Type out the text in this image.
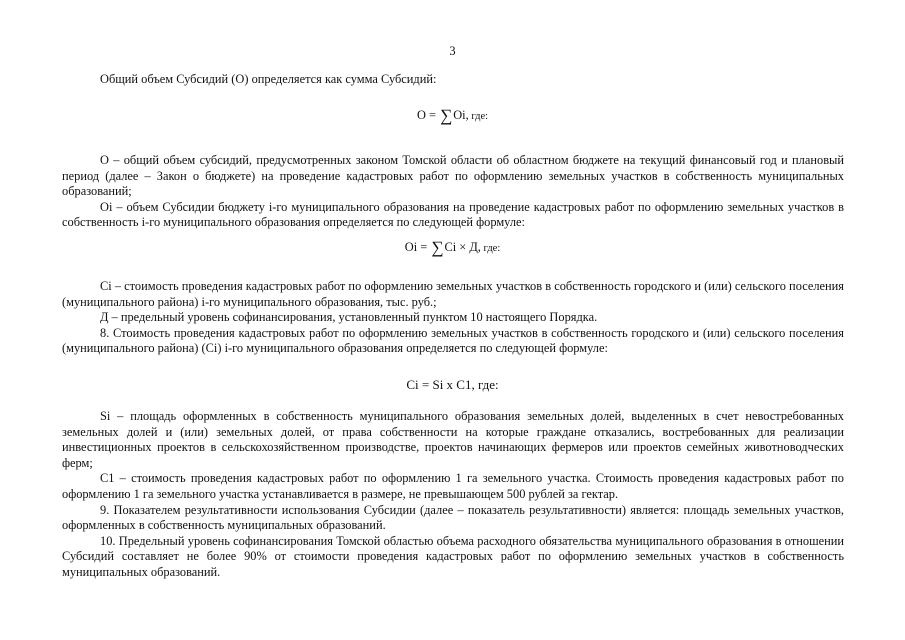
3

Общий объем Субсидий (О) определяется как сумма Субсидий:

О = ∑Оi, где:

О – общий объем субсидий, предусмотренных законом Томской области об областном бюджете на текущий финансовый год и плановый период (далее – Закон о бюджете) на проведение кадастровых работ по оформлению земельных участков в собственность муниципальных образований;

Оi – объем Субсидии бюджету i-го муниципального образования на проведение кадастровых работ по оформлению земельных участков в собственность i-го муниципального образования определяется по следующей формуле:

Оi = ∑Ci × Д, где:

Ci – стоимость проведения кадастровых работ по оформлению земельных участков в собственность городского и (или) сельского поселения (муниципального района) i-го муниципального образования, тыс. руб.;

Д – предельный уровень софинансирования, установленный пунктом 10 настоящего Порядка.

8. Стоимость проведения кадастровых работ по оформлению земельных участков в собственность городского и (или) сельского поселения (муниципального района) (Ci) i-го муниципального образования определяется по следующей формуле:

Ci = Si x C1, где:

Si – площадь оформленных в собственность муниципального образования земельных долей, выделенных в счет невостребованных земельных долей и (или) земельных долей, от права собственности на которые граждане отказались, востребованных для реализации инвестиционных проектов в сельскохозяйственном производстве, проектов начинающих фермеров или проектов семейных животноводческих ферм;

C1 – стоимость проведения кадастровых работ по оформлению 1 га земельного участка. Стоимость проведения кадастровых работ по оформлению 1 га земельного участка устанавливается в размере, не превышающем 500 рублей за гектар.

9. Показателем результативности использования Субсидии (далее – показатель результативности) является: площадь земельных участков, оформленных в собственность муниципальных образований.

10. Предельный уровень софинансирования Томской областью объема расходного обязательства муниципального образования в отношении Субсидий составляет не более 90% от стоимости проведения кадастровых работ по оформлению земельных участков в собственность муниципальных образований.
